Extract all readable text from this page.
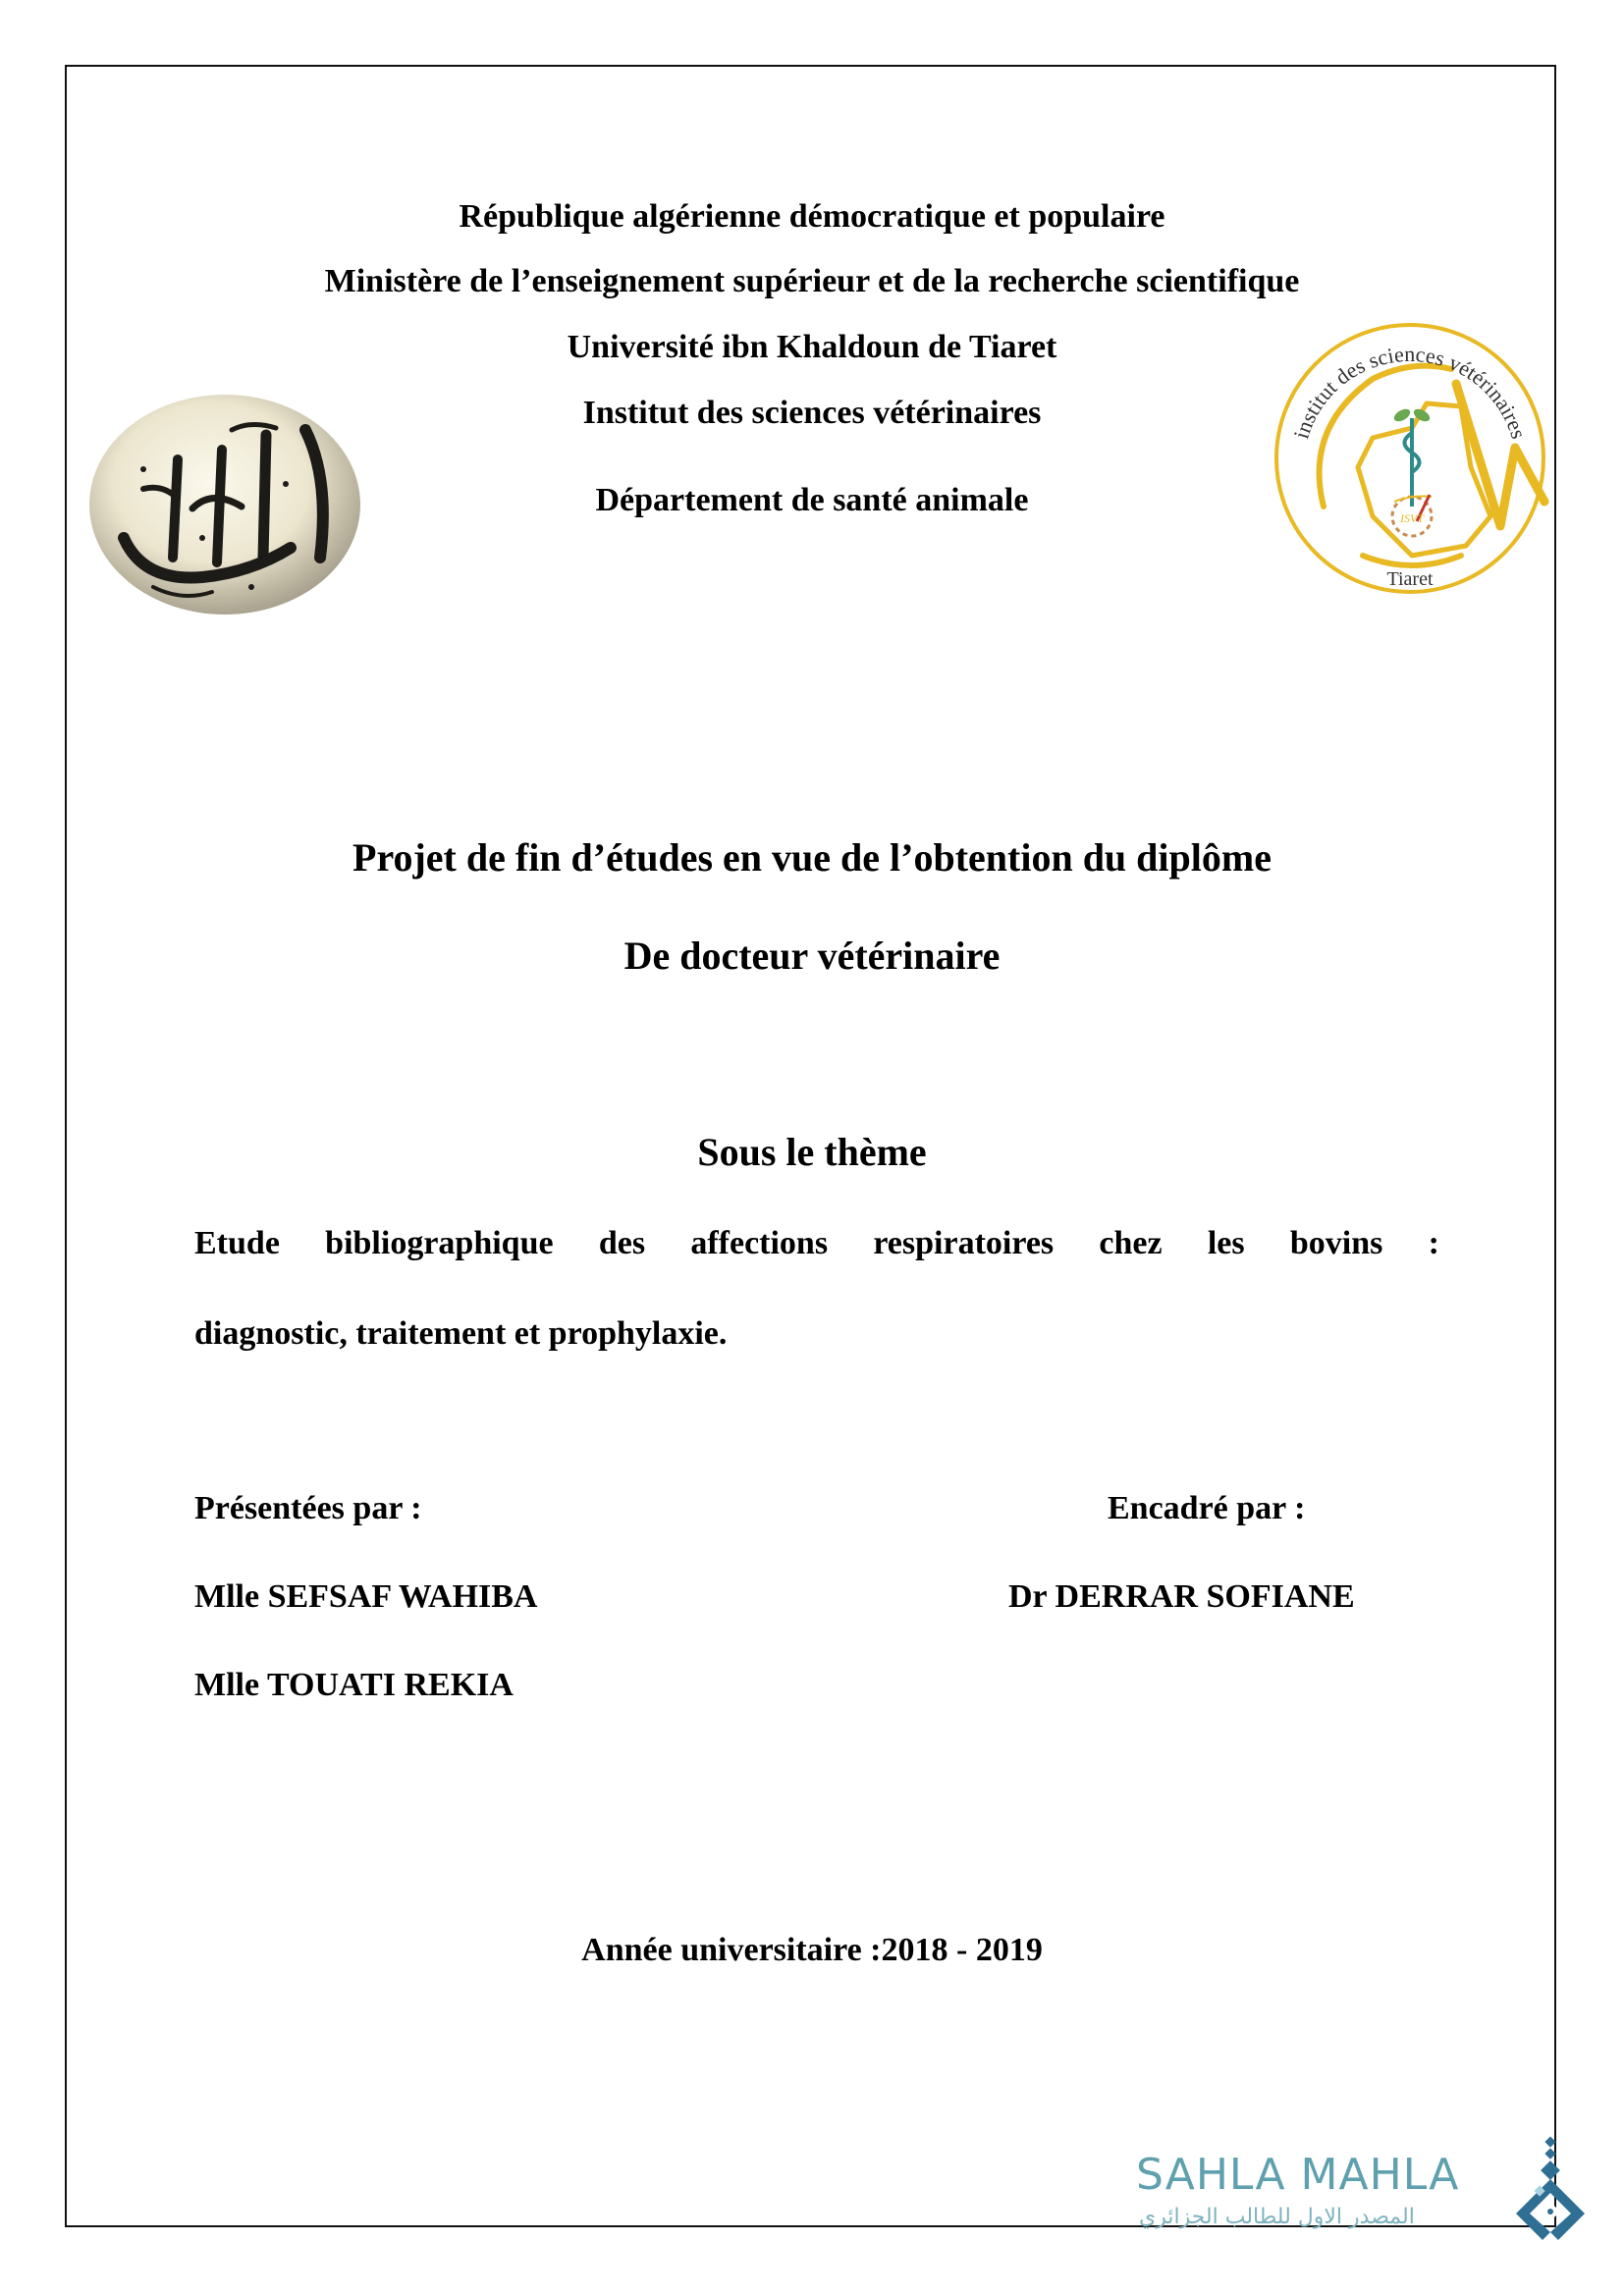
République algérienne démocratique et populaire
Ministère de l’enseignement supérieur et de la recherche scientifique
Université ibn Khaldoun de Tiaret
Institut des sciences vétérinaires
Département de santé animale	ISVT
institut des sciences vétérinaires
Tiaret
Projet de fin d’études en vue de l’obtention du diplôme
De docteur vétérinaire
Sous le thème
Etude bibliographique des affections respiratoires chez les bovins :
diagnostic, traitement et prophylaxie.
Présentées par :	Encadré par :
Mlle SEFSAF WAHIBA	Dr DERRAR SOFIANE
Mlle TOUATI REKIA
Année universitaire :2018 - 2019
SAHLA MAHLA
المصدر الاول للطالب الجزائري
